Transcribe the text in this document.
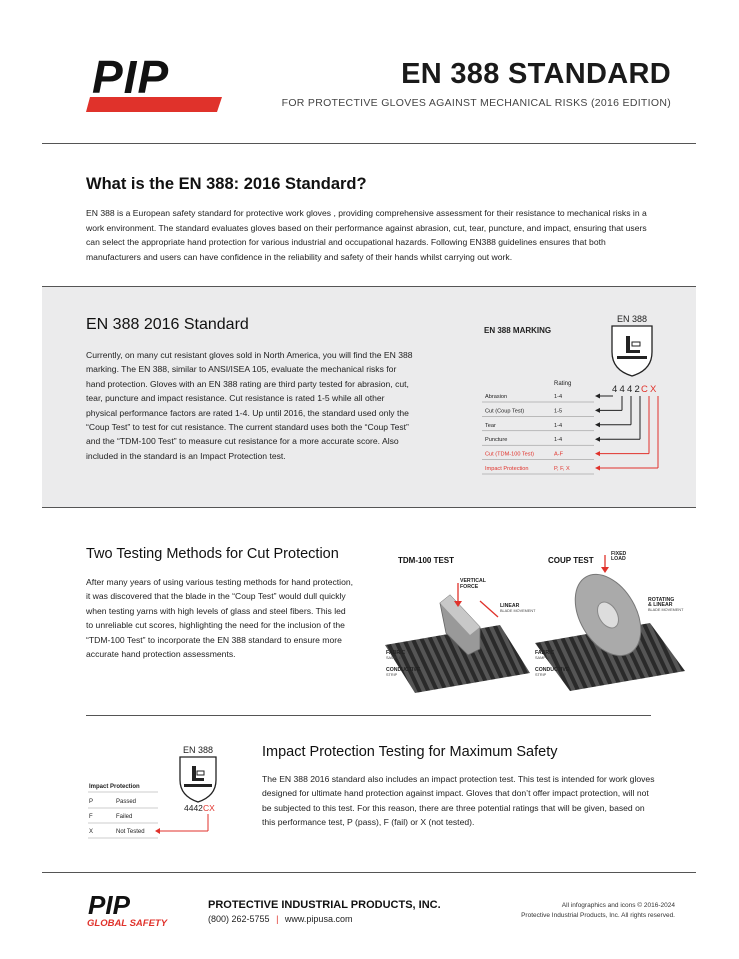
PIP	EN 388 STANDARD
FOR PROTECTIVE GLOVES AGAINST MECHANICAL RISKS (2016 EDITION)
What is the EN 388: 2016 Standard?

EN 388 is a European safety standard for protective work gloves , providing comprehensive assessment for their resistance to mechanical risks in a work environment. The standard evaluates gloves based on their performance against abrasion, cut, tear, puncture, and impact, ensuring that users can select the appropriate hand protection for various industrial and occupational hazards. Following EN388 guidelines ensures that both manufacturers and users can have confidence in the reliability and safety of their hands whilst carrying out work.

EN 388 2016 Standard

Currently, on many cut resistant gloves sold in North America, you will find the EN 388 marking. The EN 388, similar to ANSI/ISEA 105, evaluate the mechanical risks for hand protection. Gloves with an EN 388 rating are third party tested for abrasion, cut, tear, puncture and impact resistance. Cut resistance is rated 1-5 while all other physical performance factors are rated 1-4. Up until 2016, the standard used only the “Coup Test” to test for cut resistance. The current standard uses both the “Coup Test” and the “TDM-100 Test” to measure cut resistance for a more accurate score. Also included in the standard is an Impact Protection test.

EN 388 MARKING
EN 388
4442 CX
Rating
Abrasion	1-4
Cut (Coup Test)	1-5
Tear	1-4
Puncture	1-4
Cut (TDM-100 Test)	A-F
Impact Protection	P, F, X
Two Testing Methods for Cut Protection

After many years of using various testing methods for hand protection, it was discovered that the blade in the “Coup Test” would dull quickly when testing yarns with high levels of glass and steel fibers. This led to unreliable cut scores, highlighting the need for the inclusion of the “TDM-100 Test” to incorporate the EN 388 standard to ensure more accurate hand protection assessments.

TDM-100 TEST
VERTICAL
FORCE
LINEAR
BLADE MOVEMENT
FABRIC
SAMPLE
CONDUCTIVE
STRIP
COUP TEST
FIXED
LOAD
ROTATING
& LINEAR
BLADE MOVEMENT
FABRIC
SAMPLE
CONDUCTIVE
STRIP
EN 388
4442 CX
Impact Protection
P	Passed
F	Failed
X	Not Tested
Impact Protection Testing for Maximum Safety

The EN 388 2016 standard also includes an impact protection test. This test is intended for work gloves designed for ultimate hand protection against impact. Gloves that don’t offer impact protection, will not be subjected to this test. For this reason, there are three potential ratings that will be given, based on this performance test, P (pass), F (fail) or X (not tested).

PIP
GLOBAL SAFETY
PROTECTIVE INDUSTRIAL PRODUCTS, INC.
(800) 262-5755 | www.pipusa.com
All infographics and icons © 2016-2024
Protective Industrial Products, Inc. All rights reserved.
